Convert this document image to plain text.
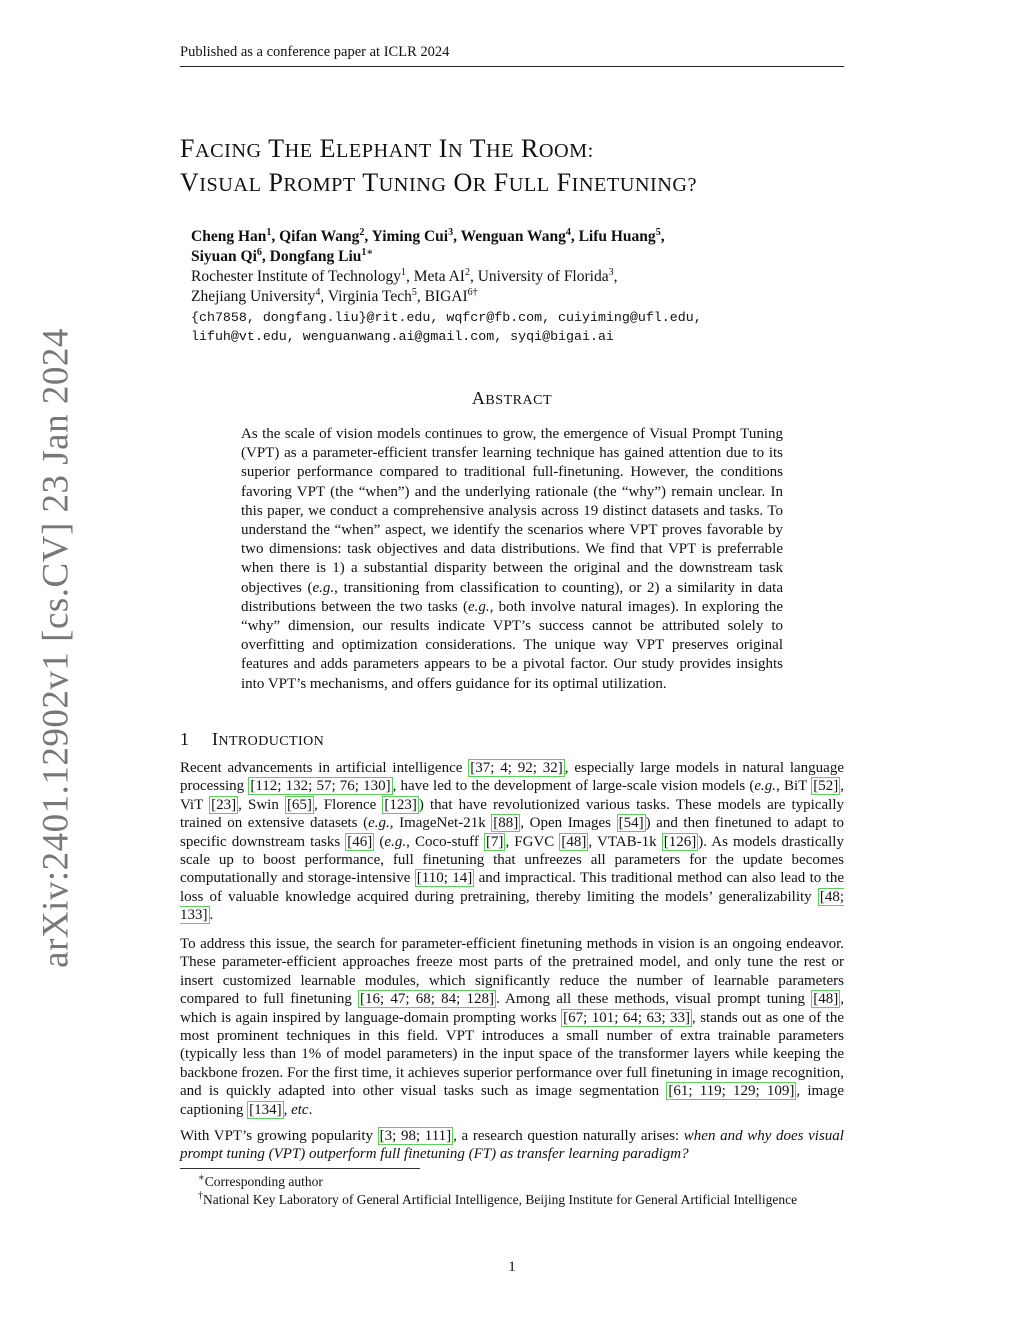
Published as a conference paper at ICLR 2024
arXiv:2401.12902v1 [cs.CV] 23 Jan 2024
FACING THE ELEPHANT IN THE ROOM:
VISUAL PROMPT TUNING OR FULL FINETUNING?
Cheng Han$^1$, Qifan Wang$^2$, Yiming Cui$^3$, Wenguan Wang$^4$, Lifu Huang$^5$,
Siyuan Qi$^6$, Dongfang Liu$^{1∗}$
Rochester Institute of Technology$^1$, Meta $AI^2$, University of Florida$^3$,
Zhejiang University$^4$, Virginia Tech$^5$, $BIGAI^{6\dagger}$
{ch7858, dongfang.liu}@rit.edu, wqfcr@fb.com, cuiyiming@ufl.edu,
lifuh@vt.edu, wenguanwang.ai@gmail.com, syqi@bigai.ai
ABSTRACT
As the scale of vision models continues to grow, the emergence of Visual Prompt Tuning (VPT) as a parameter-efficient transfer learning technique has gained attention due to its superior performance compared to traditional full-finetuning. However, the conditions favoring VPT (the “when”) and the underlying rationale (the “why”) remain unclear. In this paper, we conduct a comprehensive analysis across 19 distinct datasets and tasks. To understand the “when” aspect, we identify the scenarios where VPT proves favorable by two dimensions: task objectives and data distributions. We find that VPT is preferrable when there is 1) a substantial disparity between the original and the downstream task objectives (e.g., transitioning from classification to counting), or 2) a similarity in data distributions between the two tasks (e.g., both involve natural images). In exploring the “why” dimension, our results indicate VPT’s success cannot be attributed solely to overfitting and optimization considerations. The unique way VPT preserves original features and adds parameters appears to be a pivotal factor. Our study provides insights into VPT’s mechanisms, and offers guidance for its optimal utilization.
1 INTRODUCTION
Recent advancements in artificial intelligence [37; 4; 92; 32] , especially large models in natural language processing [112; 132; 57; 76; 130] , have led to the development of large-scale vision models (e.g., BiT [52] , ViT [23] , Swin [65] , Florence [123] ) that have revolutionized various tasks. These models are typically trained on extensive datasets (e.g., ImageNet-21k [88] , Open Images [54] ) and then finetuned to adapt to specific downstream tasks [46] (e.g., Coco-stuff [7] , FGVC [48] , VTAB-1k [126] ). As models drastically scale up to boost performance, full finetuning that unfreezes all parameters for the update becomes computationally and storage-intensive [110; 14] and impractical. This traditional method can also lead to the loss of valuable knowledge acquired during pretraining, thereby limiting the models’ generalizability [48; 133] .
To address this issue, the search for parameter-efficient finetuning methods in vision is an ongoing endeavor. These parameter-efficient approaches freeze most parts of the pretrained model, and only tune the rest or insert customized learnable modules, which significantly reduce the number of learnable parameters compared to full finetuning [16; 47; 68; 84; 128] . Among all these methods, visual prompt tuning [48] , which is again inspired by language-domain prompting works [67; 101; 64; 63; 33] , stands out as one of the most prominent techniques in this field. VPT introduces a small number of extra trainable parameters (typically less than 1% of model parameters) in the input space of the transformer layers while keeping the backbone frozen. For the first time, it achieves superior performance over full finetuning in image recognition, and is quickly adapted into other visual tasks such as image segmentation [61; 119; 129; 109] , image captioning [134] , etc.
With VPT’s growing popularity [3; 98; 111] , a research question naturally arises: when and why does visual prompt tuning (VPT) outperform full finetuning (FT) as transfer learning paradigm?
∗Corresponding author
†National Key Laboratory of General Artificial Intelligence, Beijing Institute for General Artificial Intelligence
1
